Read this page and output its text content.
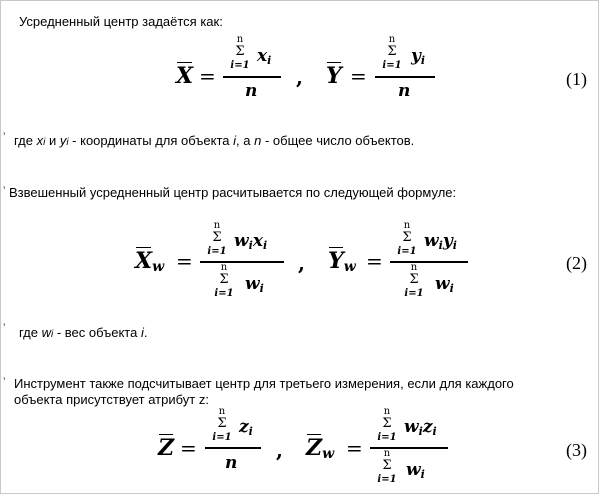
Усредненный центр задаётся как:
X =
n
Σ
i=1 $x_i$
n
, Y =
n
Σ
i=1 $y_i$
n
(1)
’ где xi и yi - координаты для объекта i, а n - общее число объектов.
’ Взвешенный усредненный центр расчитывается по следующей формуле:
$X_w$ =
n
Σ
i=1
$w_ix_i$
n
Σ
i=1 $w_i$
, $Y_w$ =
n
Σ
i=1
$w_iy_i$
n
Σ
i=1 $w_i$
(2)
’ где wi - вес объекта i.
’ Инструмент также подсчитывает центр для третьего измерения, если для каждого объекта присутствует атрибут z:
Z =
n
Σ
i=1
$z_i$
n
, $Z_w$ =
n
Σ
i=1
$w_iz_i$
n
Σ
i=1 $w_i$
(3)
